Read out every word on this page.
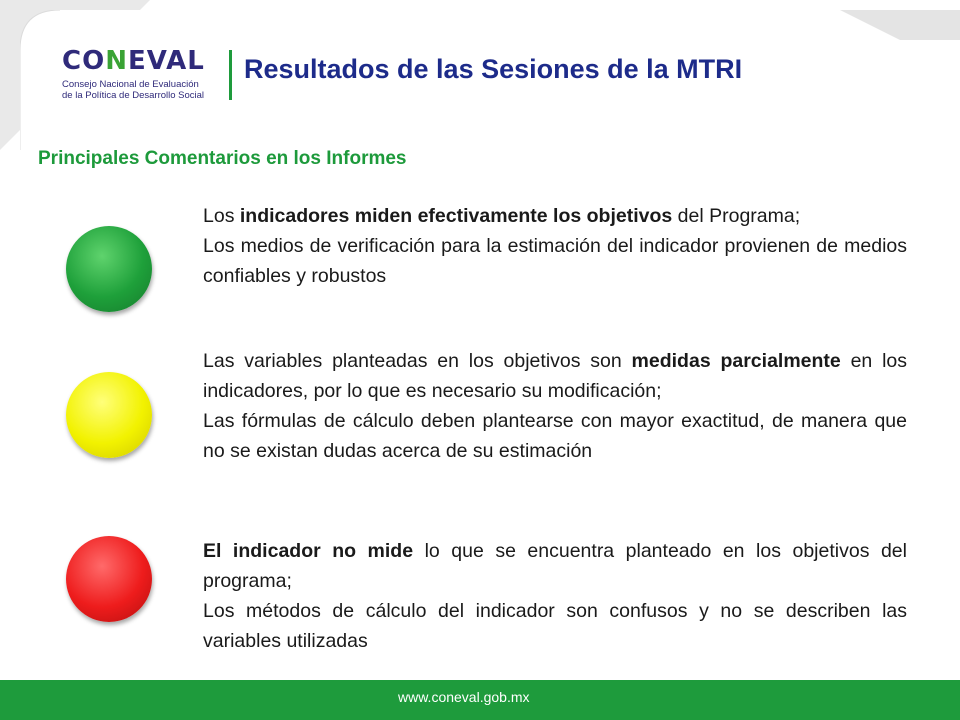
CONEVAL
Consejo Nacional de Evaluación
de la Política de Desarrollo Social
Resultados de las Sesiones de la MTRI
Principales Comentarios en los Informes

Los indicadores miden efectivamente los objetivos del Programa;

Los medios de verificación para la estimación del indicador provienen de medios confiables y robustos

Las variables planteadas en los objetivos son medidas parcialmente en los indicadores, por lo que es necesario su modificación;

Las fórmulas de cálculo deben plantearse con mayor exactitud, de manera que no se existan dudas acerca de su estimación

El indicador no mide lo que se encuentra planteado en los objetivos del programa;

Los métodos de cálculo del indicador son confusos y no se describen las variables utilizadas

www.coneval.gob.mx
